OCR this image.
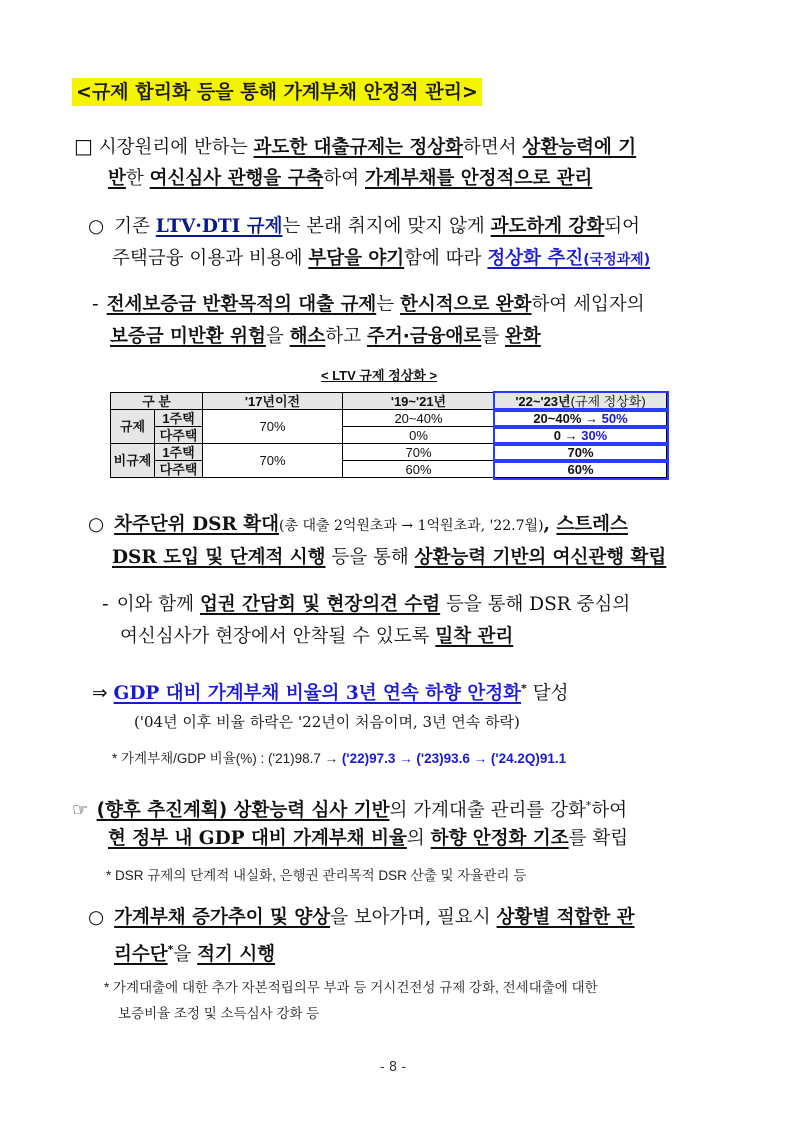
<규제 합리화 등을 통해 가계부채 안정적 관리>
□ 시장원리에 반하는 과도한 대출규제는 정상화하면서 상환능력에 기
반한 여신심사 관행을 구축하여 가계부채를 안정적으로 관리
○ 기존 LTV·DTI 규제는 본래 취지에 맞지 않게 과도하게 강화되어
주택금융 이용과 비용에 부담을 야기함에 따라 정상화 추진(국정과제)
- 전세보증금 반환목적의 대출 규제는 한시적으로 완화하여 세입자의
보증금 미반환 위험을 해소하고 주거·금융애로를 완화
< LTV 규제 정상화 >
구 분		'17년이전	'19~'21년	'22~'23년(규제 정상화)
규제	1주택	70%	20~40%	20~40% → 50%
	다주택		0%	0 → 30%
비규제	1주택	70%	70%	70%
	다주택		60%	60%
○ 차주단위 DSR 확대(총 대출 2억원초과 → 1억원초과, '22.7월), 스트레스
DSR 도입 및 단계적 시행 등을 통해 상환능력 기반의 여신관행 확립
- 이와 함께 업권 간담회 및 현장의견 수렴 등을 통해 DSR 중심의
여신심사가 현장에서 안착될 수 있도록 밀착 관리
⇒ GDP 대비 가계부채 비율의 3년 연속 하향 안정화* 달성
('04년 이후 비율 하락은 '22년이 처음이며, 3년 연속 하락)
* 가계부채/GDP 비율(%) : ('21)98.7 → ('22)97.3 → ('23)93.6 → ('24.2Q)91.1
☞ (향후 추진계획) 상환능력 심사 기반의 가계대출 관리를 강화*하여
현 정부 내 GDP 대비 가계부채 비율의 하향 안정화 기조를 확립
* DSR 규제의 단계적 내실화, 은행권 관리목적 DSR 산출 및 자율관리 등
○ 가계부채 증가추이 및 양상을 보아가며, 필요시 상황별 적합한 관
리수단*을 적기 시행
* 가계대출에 대한 추가 자본적립의무 부과 등 거시건전성 규제 강화, 전세대출에 대한
보증비율 조정 및 소득심사 강화 등
- 8 -
